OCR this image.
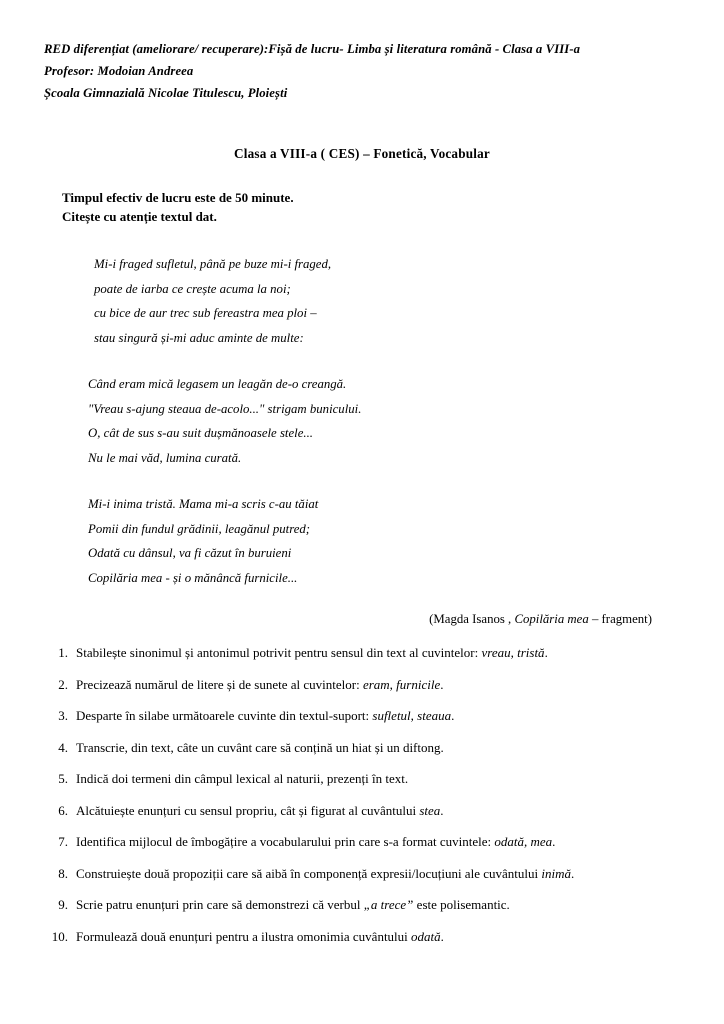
RED diferențiat (ameliorare/ recuperare):Fișă de lucru- Limba și literatura română - Clasa a VIII-a
Profesor: Modoian Andreea
Școala Gimnazială Nicolae Titulescu, Ploiești
Clasa a VIII-a ( CES) – Fonetică, Vocabular
Timpul efectiv de lucru este de 50 minute.
Citește cu atenție textul dat.
Mi-i fraged sufletul, până pe buze mi-i fraged,
poate de iarba ce crește acuma la noi;
cu bice de aur trec sub fereastra mea ploi –
stau singură și-mi aduc aminte de multe:
Când eram mică legasem un leagăn de-o creangă.
"Vreau s-ajung steaua de-acolo..." strigam bunicului.
O, cât de sus s-au suit dușmănoasele stele...
Nu le mai văd, lumina curată.
Mi-i inima tristă. Mama mi-a scris c-au tăiat
Pomii din fundul grădinii, leagănul putred;
Odată cu dânsul, va fi căzut în buruieni
Copilăria mea - și o mănâncă furnicile...
(Magda Isanos , Copilăria mea – fragment)
1. Stabilește sinonimul și antonimul potrivit pentru sensul din text al cuvintelor: vreau, tristă.
2. Precizează numărul de litere și de sunete al cuvintelor: eram, furnicile.
3. Desparte în silabe următoarele cuvinte din textul-suport: sufletul, steaua.
4. Transcrie, din text, câte un cuvânt care să conțină un hiat și un diftong.
5. Indică doi termeni din câmpul lexical al naturii, prezenți în text.
6. Alcătuiește enunțuri cu sensul propriu, cât și figurat al cuvântului stea.
7. Identifica mijlocul de îmbogățire a vocabularului prin care s-a format cuvintele: odată, mea.
8. Construiește două propoziții care să aibă în componență expresii/locuțiuni ale cuvântului inimă.
9. Scrie patru enunțuri prin care să demonstrezi că verbul „a trece” este polisemantic.
10. Formulează două enunțuri pentru a ilustra omonimia cuvântului odată.
